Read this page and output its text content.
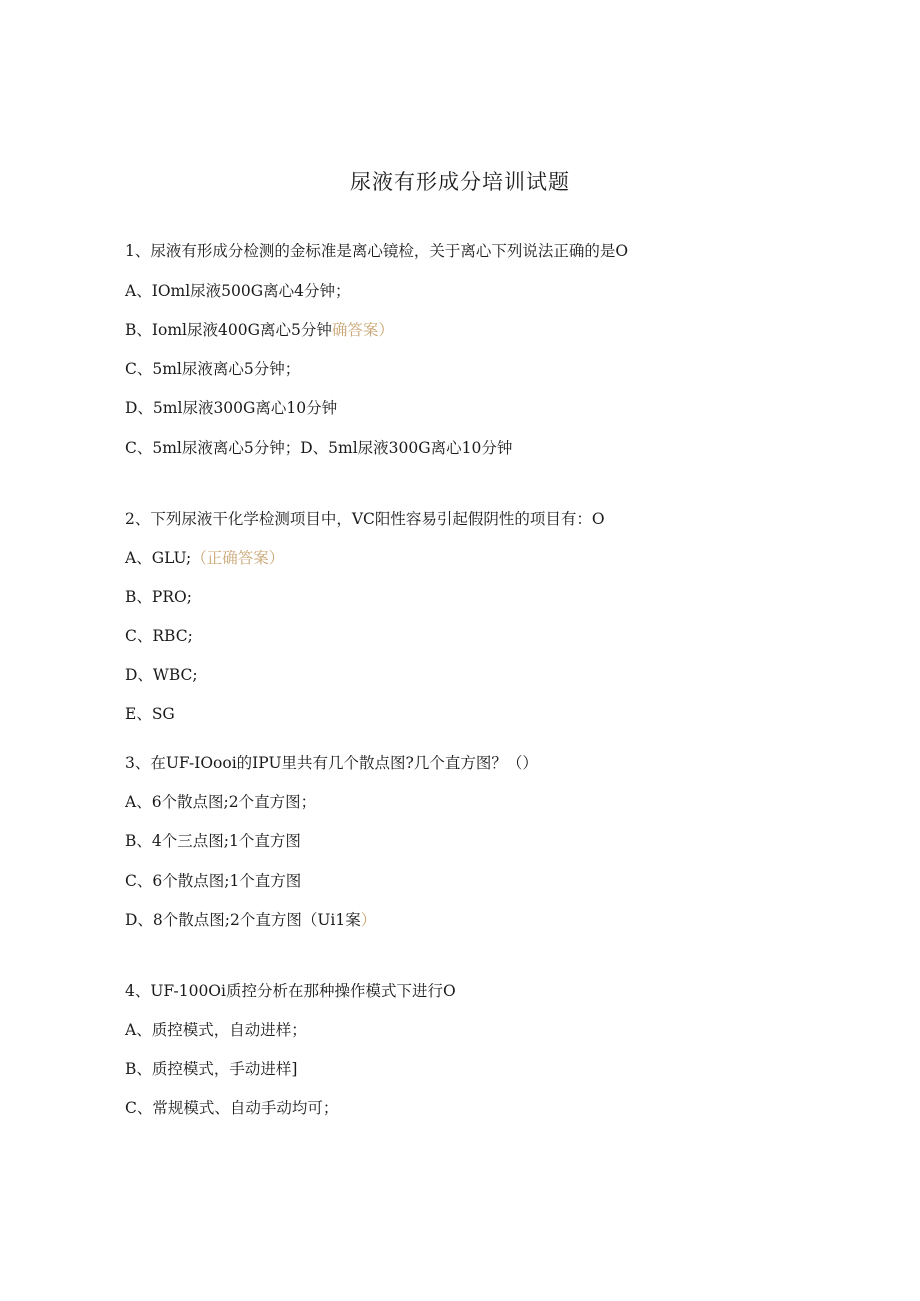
尿液有形成分培训试题
1、尿液有形成分检测的金标准是离心镜检，关于离心下列说法正确的是O
A、IOml尿液500G离心4分钟；
B、Ioml尿液400G离心5分钟确答案）
C、5ml尿液离心5分钟；
D、5ml尿液300G离心10分钟
C、5ml尿液离心5分钟；D、5ml尿液300G离心10分钟
2、下列尿液干化学检测项目中，VC阳性容易引起假阴性的项目有：O
A、GLU;（正确答案）
B、PRO;
C、RBC;
D、WBC;
E、SG
3、在UF-IOooi的IPU里共有几个散点图?几个直方图？（）
A、6个散点图;2个直方图；
B、4个三点图;1个直方图
C、6个散点图;1个直方图
D、8个散点图;2个直方图（Ui1案）
4、UF-100Oi质控分析在那种操作模式下进行O
A、质控模式，自动进样；
B、质控模式，手动进样]
C、常规模式、自动手动均可；
